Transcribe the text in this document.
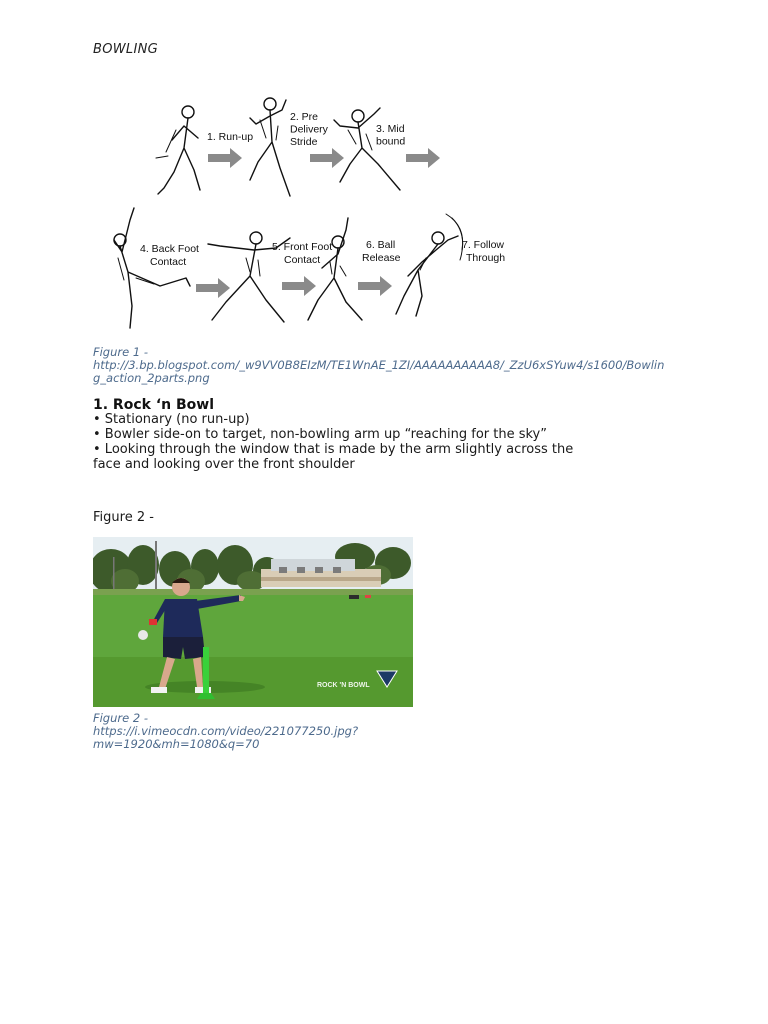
BOWLING
1. Run-up
2. Pre Delivery Stride
3. Mid bound
4. Back Foot Contact
5. Front Foot Contact
6. Ball Release
7. Follow Through
Figure 1 -
http://3.bp.blogspot.com/_w9VV0B8EIzM/TE1WnAE_1ZI/AAAAAAAAAA8/_ZzU6xSYuw4/s1600/Bowlin
g_action_2parts.png
1. Rock ‘n Bowl
• Stationary (no run-up)
• Bowler side-on to target, non-bowling arm up “reaching for the sky”
• Looking through the window that is made by the arm slightly across the
face and looking over the front shoulder
Figure 2 -
ROCK 'N BOWL
Figure 2 -
https://i.vimeocdn.com/video/221077250.jpg?
mw=1920&mh=1080&q=70
